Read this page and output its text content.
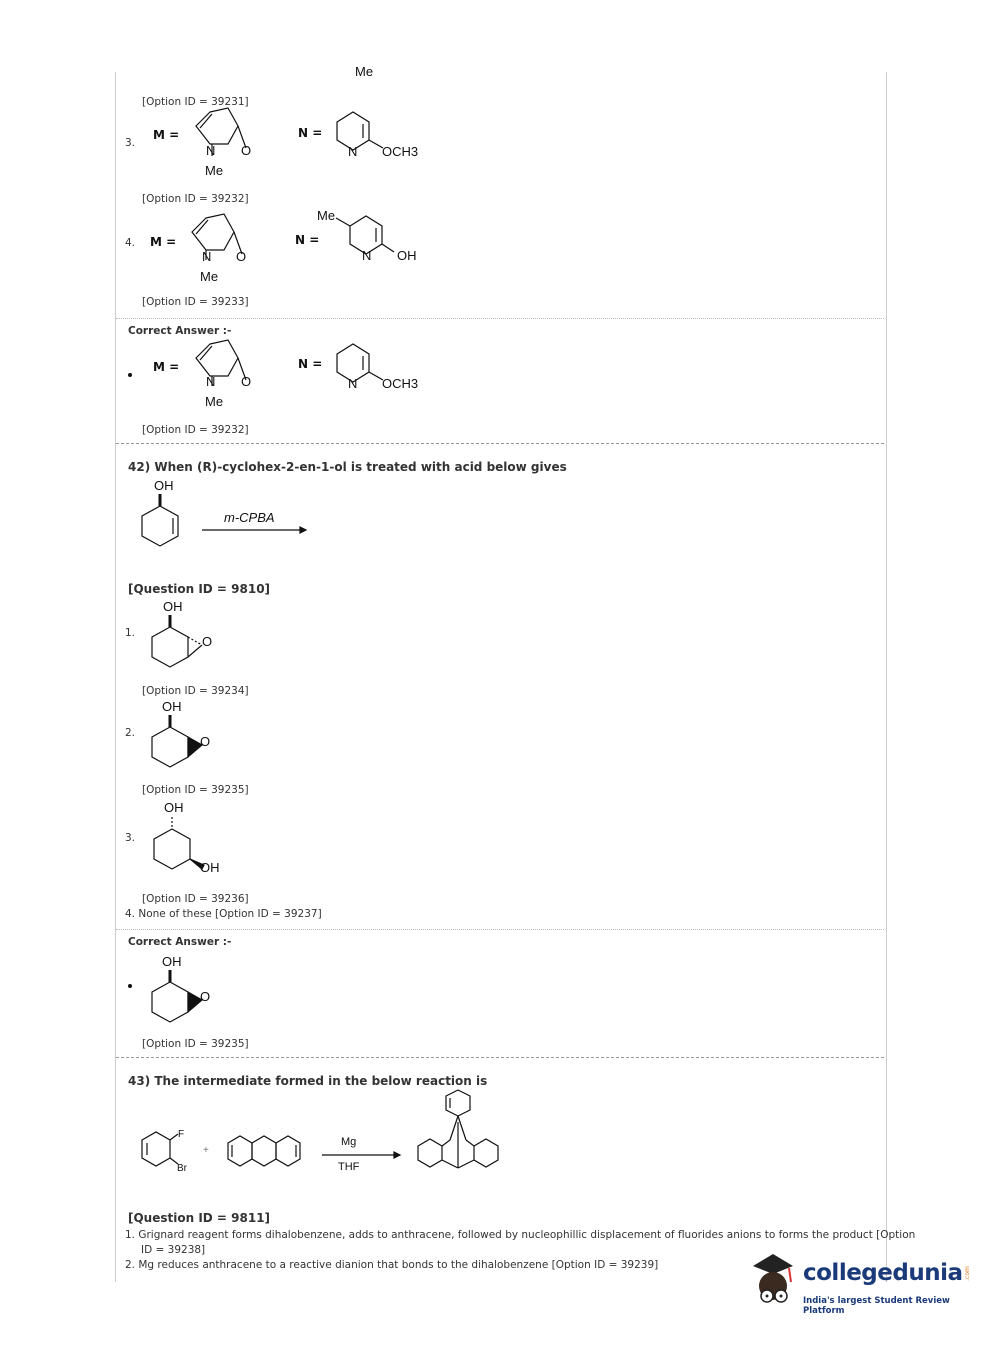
Me
[Option ID = 39231]
3.
M =
N O
Me
N =
N OCH3
[Option ID = 39232]
4. M =
N O
Me
N =
Me
N OH
[Option ID = 39233]
Correct Answer :-
M =
N O
Me
N =
N OCH3
[Option ID = 39232]
42) When (R)-cyclohex-2-en-1-ol is treated with acid below gives
OH
m-CPBA
[Question ID = 9810]
1.
OH
O
[Option ID = 39234]
2.
OH
O
[Option ID = 39235]
3.
OH
OH
[Option ID = 39236]
4. None of these [Option ID = 39237]
Correct Answer :-
OH
O
[Option ID = 39235]
43) The intermediate formed in the below reaction is
F
Br
+
Mg
THF
[Question ID = 9811]
1. Grignard reagent forms dihalobenzene, adds to anthracene, followed by nucleophillic displacement of fluorides anions to forms the product [Option
ID = 39238]
2. Mg reduces anthracene to a reactive dianion that bonds to the dihalobenzene [Option ID = 39239]	collegedunia .com
India's largest Student Review Platform
